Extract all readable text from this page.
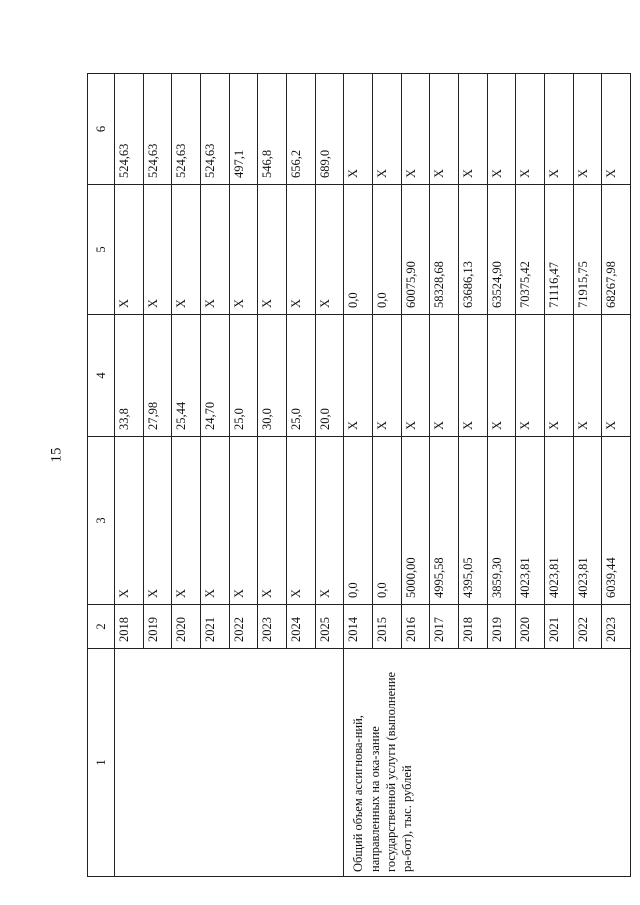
15
1	2	3	4	5	6
	2018	Х	33,8	Х	524,63
	2019	Х	27,98	Х	524,63
	2020	Х	25,44	Х	524,63
	2021	Х	24,70	Х	524,63
	2022	Х	25,0	Х	497,1
	2023	Х	30,0	Х	546,8
	2024	Х	25,0	Х	656,2
	2025	Х	20,0	Х	689,0
Общий объем ассигнова-ний, направленных на ока-зание государственной услуги (выполнение ра-бот), тыс. рублей	2014	0,0	Х	0,0	Х
	2015	0,0	Х	0,0	Х
	2016	5000,00	Х	60075,90	Х
	2017	4995,58	Х	58328,68	Х
	2018	4395,05	Х	63686,13	Х
	2019	3859,30	Х	63524,90	Х
	2020	4023,81	Х	70375,42	Х
	2021	4023,81	Х	71116,47	Х
	2022	4023,81	Х	71915,75	Х
	2023	6039,44	Х	68267,98	Х
